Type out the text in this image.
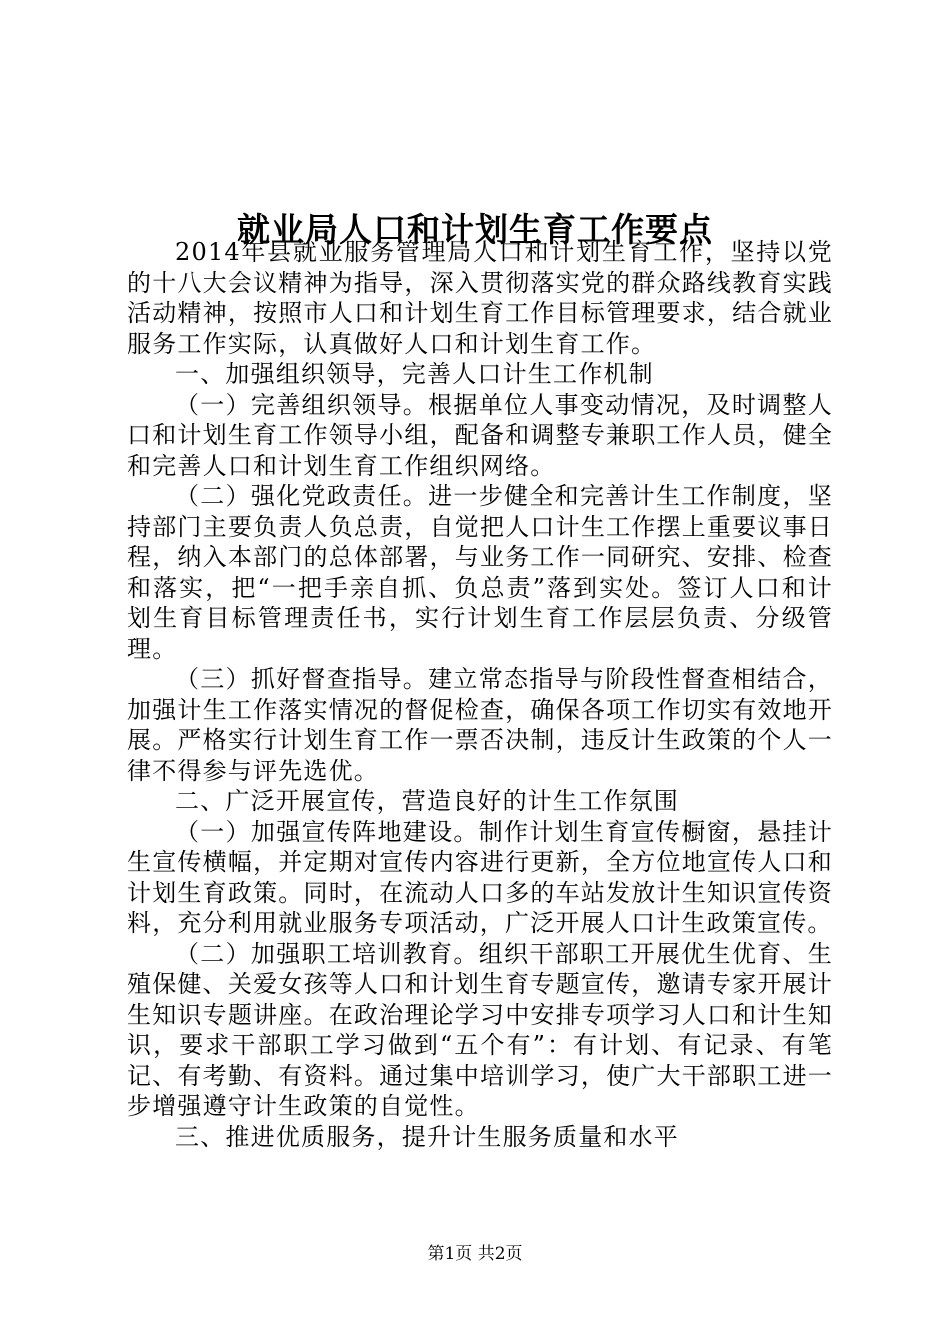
就业局人口和计划生育工作要点

2014年县就业服务管理局人口和计划生育工作，坚持以党的十八大会议精神为指导，深入贯彻落实党的群众路线教育实践活动精神，按照市人口和计划生育工作目标管理要求，结合就业服务工作实际，认真做好人口和计划生育工作。

一、加强组织领导，完善人口计生工作机制

（一）完善组织领导。根据单位人事变动情况，及时调整人口和计划生育工作领导小组，配备和调整专兼职工作人员，健全和完善人口和计划生育工作组织网络。

（二）强化党政责任。进一步健全和完善计生工作制度，坚持部门主要负责人负总责，自觉把人口计生工作摆上重要议事日程，纳入本部门的总体部署，与业务工作一同研究、安排、检查和落实，把“一把手亲自抓、负总责”落到实处。签订人口和计划生育目标管理责任书，实行计划生育工作层层负责、分级管理。

（三）抓好督查指导。建立常态指导与阶段性督查相结合，加强计生工作落实情况的督促检查，确保各项工作切实有效地开展。严格实行计划生育工作一票否决制，违反计生政策的个人一律不得参与评先选优。

二、广泛开展宣传，营造良好的计生工作氛围

（一）加强宣传阵地建设。制作计划生育宣传橱窗，悬挂计生宣传横幅，并定期对宣传内容进行更新，全方位地宣传人口和计划生育政策。同时，在流动人口多的车站发放计生知识宣传资料，充分利用就业服务专项活动，广泛开展人口计生政策宣传。

（二）加强职工培训教育。组织干部职工开展优生优育、生殖保健、关爱女孩等人口和计划生育专题宣传，邀请专家开展计生知识专题讲座。在政治理论学习中安排专项学习人口和计生知识，要求干部职工学习做到“五个有”：有计划、有记录、有笔记、有考勤、有资料。通过集中培训学习，使广大干部职工进一步增强遵守计生政策的自觉性。

三、推进优质服务，提升计生服务质量和水平

第1页 共2页
